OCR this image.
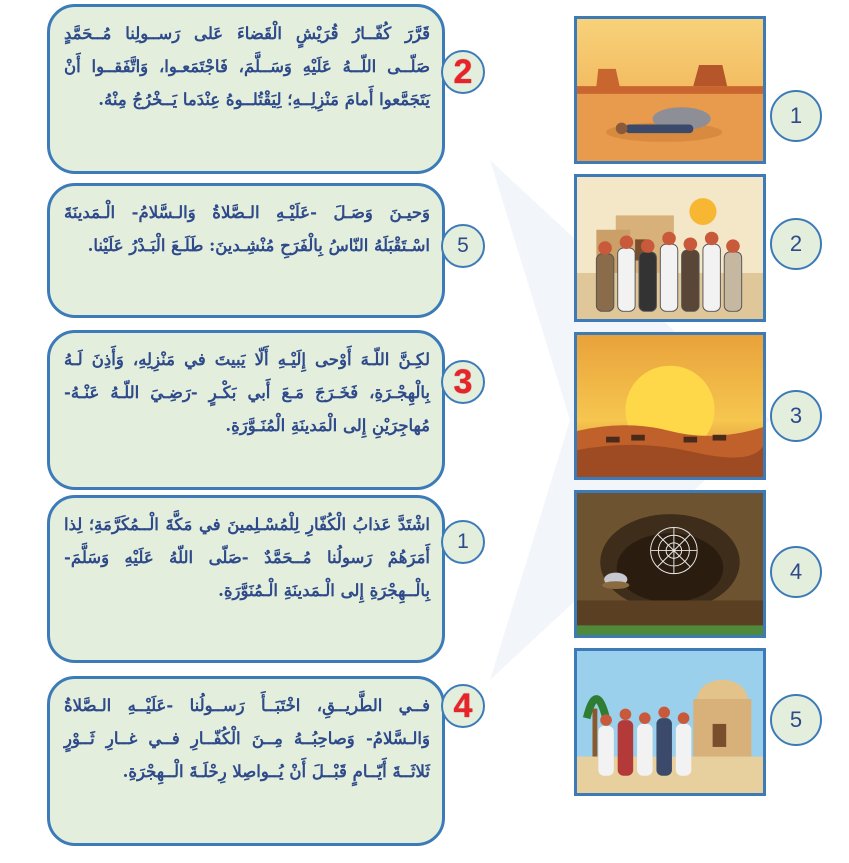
قَرَّرَ كُفّــارُ قُرَيْشٍ الْقَضاءَ عَلى رَســولِنا مُــحَمَّدٍ صَلّــى اللّــهُ عَلَيْهِ وَسَــلَّمَ، فَاجْتَمَعـوا، وَاتَّفَقــوا أَنْ يَتَجَمَّعوا أَمامَ مَنْزِلِــهِ؛ لِيَقْتُلــوهُ عِنْدَما يَــخْرُجُ مِنْهُ.
2
وَحيـنَ وَصَـلَ -عَلَيْـهِ الـصَّلاةُ وَالـسَّلامُ- الْـمَدينَةَ اسْـتَقْبَلَهُ النّاسُ بِالْفَرَحِ مُنْشِـدينَ: طَلَـعَ الْبَـدْرُ عَلَيْنا. 5
لكِـنَّ اللّـهَ أَوْحى إِلَيْـهِ أَلّا يَبيتَ في مَنْزِلِهِ، وَأَذِنَ لَـهُ بِالْهِجْـرَةِ، فَخَـرَجَ مَـعَ أَبي بَكْـرٍ -رَضِـيَ اللّـهُ عَنْـهُ- مُهاجِرَيْنِ إِلى الْمَدينَةِ الْمُنَـوَّرَةِ.
3
اشْتَدَّ عَذابُ الْكُفّارِ لِلْمُسْـلِمينَ في مَكَّةَ الْــمُكَرَّمَةِ؛ لِذا أَمَرَهُمْ رَسولُنا مُــحَمَّدٌ -صَلّى اللّهُ عَلَيْهِ وَسَلَّمَ- بِالْــهِجْرَةِ إِلى الْـمَدينَةِ الْـمُنَوَّرَةِ.
1
فــي الطَّريــقِ، اخْتَبَــأَ رَســولُنا -عَلَيْــهِ الـصَّلاةُ وَالـسَّلامُ- وَصاحِبُــهُ مِــنَ الْكُفّــارِ فــي غــارِ ثَــوْرٍ ثَلاثَــةَ أَيّــامٍ قَبْــلَ أَنْ يُــواصِلا رِحْلَـةَ الْــهِجْرَةِ.
4
1
2
3
4
5
